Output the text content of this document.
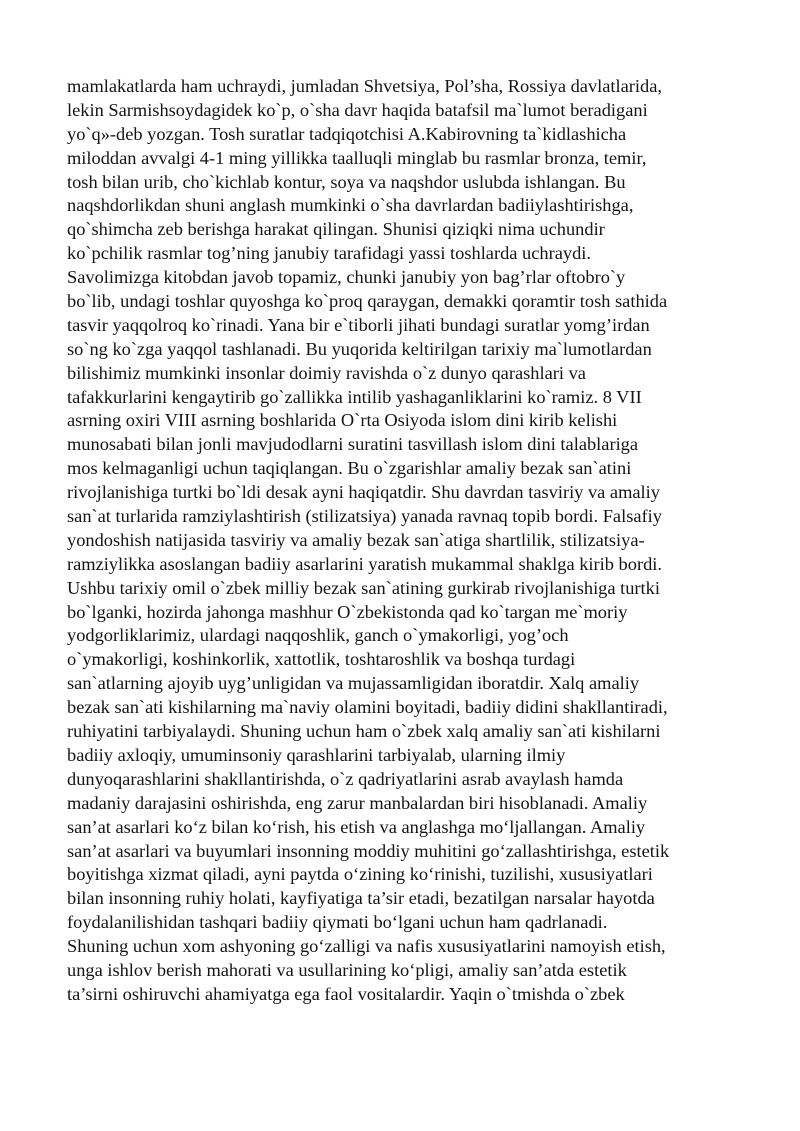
mamlakatlarda ham uchraydi, jumladan Shvetsiya, Pol’sha, Rossiya davlatlarida,
lekin Sarmishsoydagidek ko`p, o`sha davr haqida batafsil ma`lumot beradigani
yo`q»-deb yozgan. Tosh suratlar tadqiqotchisi A.Kabirovning ta`kidlashicha
miloddan avvalgi 4-1 ming yillikka taalluqli minglab bu rasmlar bronza, temir,
tosh bilan urib, cho`kichlab kontur, soya va naqshdor uslubda ishlangan. Bu
naqshdorlikdan shuni anglash mumkinki o`sha davrlardan badiiylashtirishga,
qo`shimcha zeb berishga harakat qilingan. Shunisi qiziqki nima uchundir
ko`pchilik rasmlar tog’ning janubiy tarafidagi yassi toshlarda uchraydi.
Savolimizga kitobdan javob topamiz, chunki janubiy yon bag’rlar oftobro`y
bo`lib, undagi toshlar quyoshga ko`proq qaraygan, demakki qoramtir tosh sathida
tasvir yaqqolroq ko`rinadi. Yana bir e`tiborli jihati bundagi suratlar yomg’irdan
so`ng ko`zga yaqqol tashlanadi. Bu yuqorida keltirilgan tarixiy ma`lumotlardan
bilishimiz mumkinki insonlar doimiy ravishda o`z dunyo qarashlari va
tafakkurlarini kengaytirib go`zallikka intilib yashaganliklarini ko`ramiz. 8 VII
asrning oxiri VIII asrning boshlarida O`rta Osiyoda islom dini kirib kelishi
munosabati bilan jonli mavjudodlarni suratini tasvillash islom dini talablariga
mos kelmaganligi uchun taqiqlangan. Bu o`zgarishlar amaliy bezak san`atini
rivojlanishiga turtki bo`ldi desak ayni haqiqatdir. Shu davrdan tasviriy va amaliy
san`at turlarida ramziylashtirish (stilizatsiya) yanada ravnaq topib bordi. Falsafiy
yondoshish natijasida tasviriy va amaliy bezak san`atiga shartlilik, stilizatsiya-
ramziylikka asoslangan badiiy asarlarini yaratish mukammal shaklga kirib bordi.
Ushbu tarixiy omil o`zbek milliy bezak san`atining gurkirab rivojlanishiga turtki
bo`lganki, hozirda jahonga mashhur O`zbekistonda qad ko`targan me`moriy
yodgorliklarimiz, ulardagi naqqoshlik, ganch o`ymakorligi, yog’och
o`ymakorligi, koshinkorlik, xattotlik, toshtaroshlik va boshqa turdagi
san`atlarning ajoyib uyg’unligidan va mujassamligidan iboratdir. Xalq amaliy
bezak san`ati kishilarning ma`naviy olamini boyitadi, badiiy didini shakllantiradi,
ruhiyatini tarbiyalaydi. Shuning uchun ham o`zbek xalq amaliy san`ati kishilarni
badiiy axloqiy, umuminsoniy qarashlarini tarbiyalab, ularning ilmiy
dunyoqarashlarini shakllantirishda, o`z qadriyatlarini asrab avaylash hamda
madaniy darajasini oshirishda, eng zarur manbalardan biri hisoblanadi. Amaliy
san’at asarlari ko‘z bilan ko‘rish, his etish va anglashga mo‘ljallangan. Amaliy
san’at asarlari va buyumlari insonning moddiy muhitini go‘zallashtirishga, estetik
boyitishga xizmat qiladi, ayni paytda o‘zining ko‘rinishi, tuzilishi, xususiyatlari
bilan insonning ruhiy holati, kayfiyatiga ta’sir etadi, bezatilgan narsalar hayotda
foydalanilishidan tashqari badiiy qiymati bo‘lgani uchun ham qadrlanadi.
Shuning uchun xom ashyoning go‘zalligi va nafis xususiyatlarini namoyish etish,
unga ishlov berish mahorati va usullarining ko‘pligi, amaliy san’atda estetik
ta’sirni oshiruvchi ahamiyatga ega faol vositalardir. Yaqin o`tmishda o`zbek
